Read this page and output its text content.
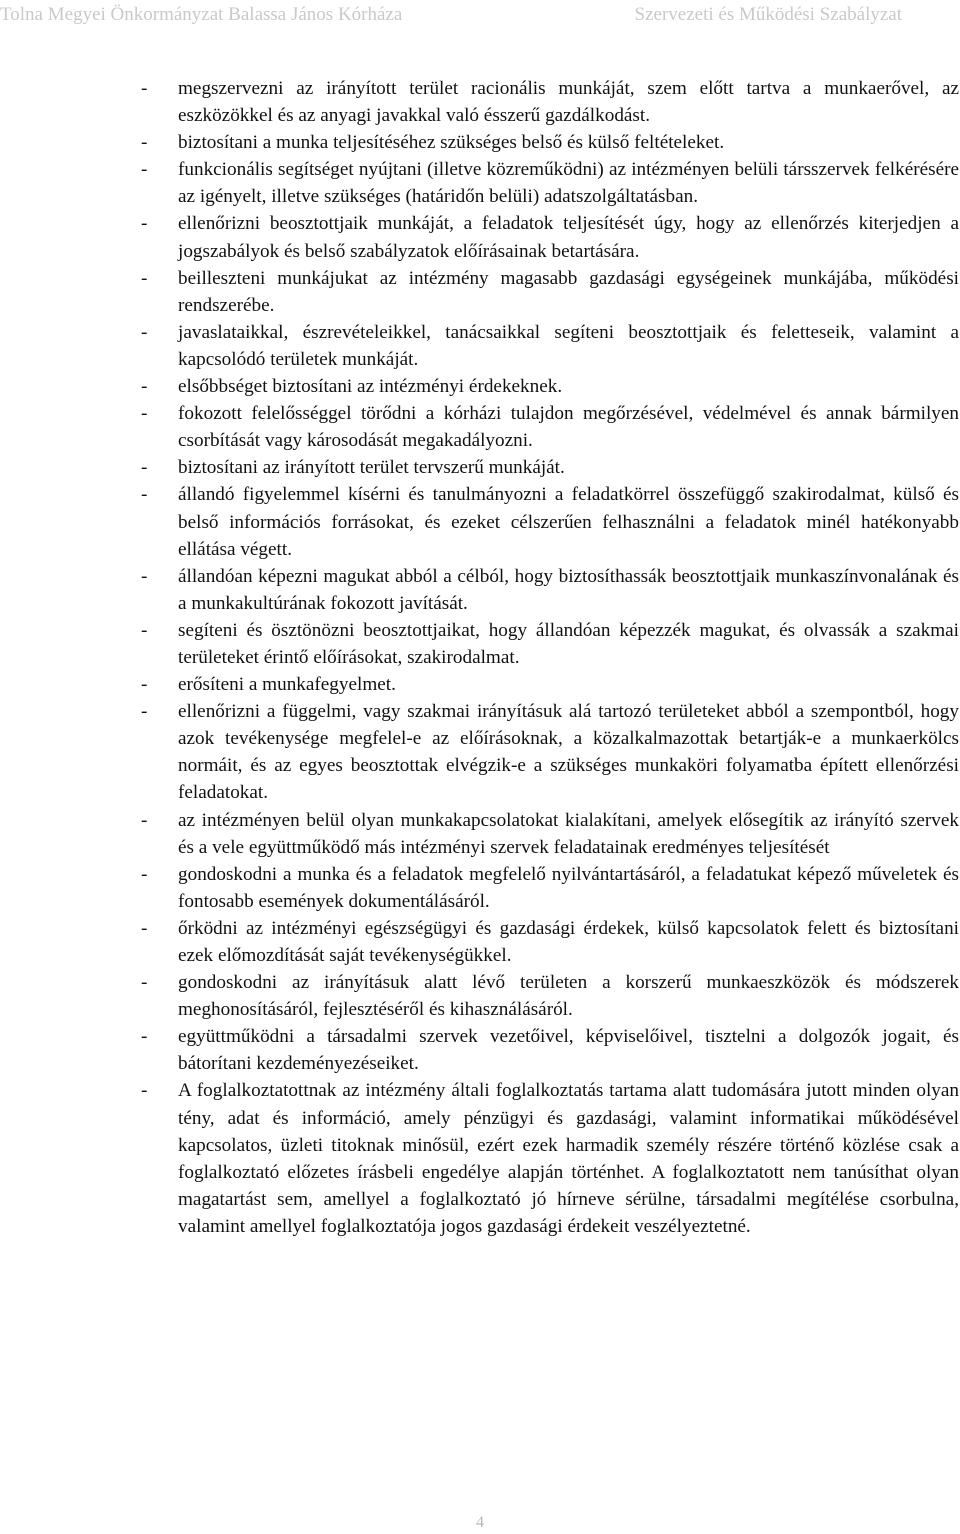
Tolna Megyei Önkormányzat Balassa János Kórháza	Szervezeti és Működési Szabályzat
-	megszervezni az irányított terület racionális munkáját, szem előtt tartva a munkaerővel, az eszközökkel és az anyagi javakkal való ésszerű gazdálkodást.
-	biztosítani a munka teljesítéséhez szükséges belső és külső feltételeket.
-	funkcionális segítséget nyújtani (illetve közreműködni) az intézményen belüli társszervek felkérésére az igényelt, illetve szükséges (határidőn belüli) adatszolgáltatásban.
-	ellenőrizni beosztottjaik munkáját, a feladatok teljesítését úgy, hogy az ellenőrzés kiterjedjen a jogszabályok és belső szabályzatok előírásainak betartására.
-	beilleszteni munkájukat az intézmény magasabb gazdasági egységeinek munkájába, működési rendszerébe.
-	javaslataikkal, észrevételeikkel, tanácsaikkal segíteni beosztottjaik és feletteseik, valamint a kapcsolódó területek munkáját.
-	elsőbbséget biztosítani az intézményi érdekeknek.
-	fokozott felelősséggel törődni a kórházi tulajdon megőrzésével, védelmével és annak bármilyen csorbítását vagy károsodását megakadályozni.
-	biztosítani az irányított terület tervszerű munkáját.
-	állandó figyelemmel kísérni és tanulmányozni a feladatkörrel összefüggő szakirodalmat, külső és belső információs forrásokat, és ezeket célszerűen felhasználni a feladatok minél hatékonyabb ellátása végett.
-	állandóan képezni magukat abból a célból, hogy biztosíthassák beosztottjaik munkaszínvonalának és a munkakultúrának fokozott javítását.
-	segíteni és ösztönözni beosztottjaikat, hogy állandóan képezzék magukat, és olvassák a szakmai területeket érintő előírásokat, szakirodalmat.
-	erősíteni a munkafegyelmet.
-	ellenőrizni a függelmi, vagy szakmai irányításuk alá tartozó területeket abból a szempontból, hogy azok tevékenysége megfelel-e az előírásoknak, a közalkalmazottak betartják-e a munkaerkölcs normáit, és az egyes beosztottak elvégzik-e a szükséges munkaköri folyamatba épített ellenőrzési feladatokat.
-	az intézményen belül olyan munkakapcsolatokat kialakítani, amelyek elősegítik az irányító szervek és a vele együttműködő más intézményi szervek feladatainak eredményes teljesítését
-	gondoskodni a munka és a feladatok megfelelő nyilvántartásáról, a feladatukat képező műveletek és fontosabb események dokumentálásáról.
-	őrködni az intézményi egészségügyi és gazdasági érdekek, külső kapcsolatok felett és biztosítani ezek előmozdítását saját tevékenységükkel.
-	gondoskodni az irányításuk alatt lévő területen a korszerű munkaeszközök és módszerek meghonosításáról, fejlesztéséről és kihasználásáról.
-	együttműködni a társadalmi szervek vezetőivel, képviselőivel, tisztelni a dolgozók jogait, és bátorítani kezdeményezéseiket.
-	A foglalkoztatottnak az intézmény általi foglalkoztatás tartama alatt tudomására jutott minden olyan tény, adat és információ, amely pénzügyi és gazdasági, valamint informatikai működésével kapcsolatos, üzleti titoknak minősül, ezért ezek harmadik személy részére történő közlése csak a foglalkoztató előzetes írásbeli engedélye alapján történhet. A foglalkoztatott nem tanúsíthat olyan magatartást sem, amellyel a foglalkoztató jó hírneve sérülne, társadalmi megítélése csorbulna, valamint amellyel foglalkoztatója jogos gazdasági érdekeit veszélyeztetné.
4
